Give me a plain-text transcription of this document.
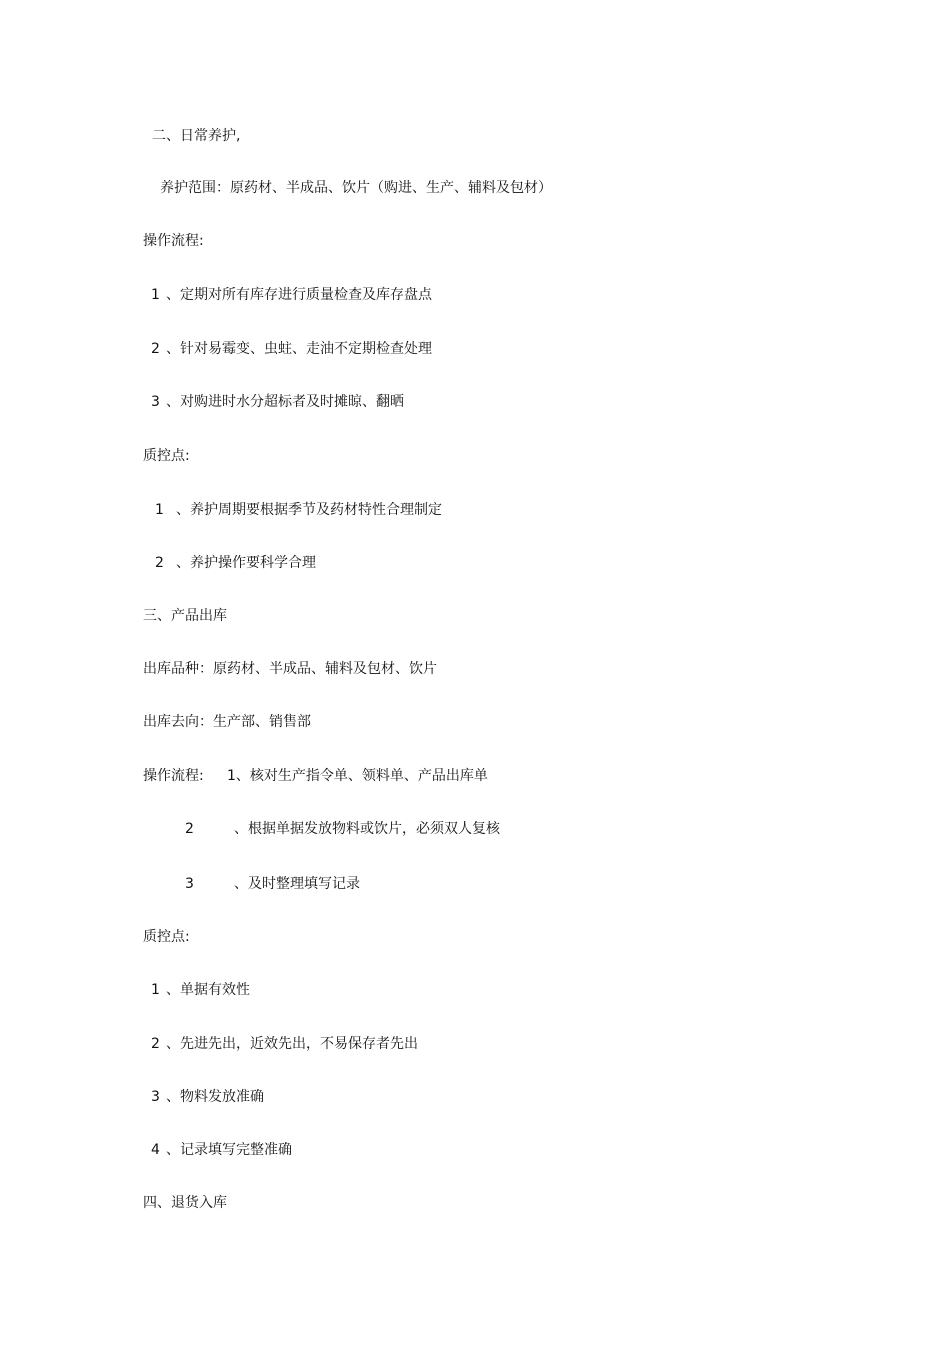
二、日常养护,
养护范围：原药材、半成品、饮片（购进、生产、辅料及包材）
操作流程:
1 、定期对所有库存进行质量检查及库存盘点
2 、针对易霉变、虫蛀、走油不定期检查处理
3 、对购进时水分超标者及时摊晾、翻晒
质控点:
1 、养护周期要根据季节及药材特性合理制定
2 、养护操作要科学合理
三、产品出库
出库品种：原药材、半成品、辅料及包材、饮片
出库去向：生产部、销售部
操作流程: 1、核对生产指令单、领料单、产品出库单
2	、根据单据发放物料或饮片，必须双人复核
3	、及时整理填写记录
质控点:
1 、单据有效性
2 、先进先出，近效先出，不易保存者先出
3 、物料发放准确
4 、记录填写完整准确
四、退货入库
